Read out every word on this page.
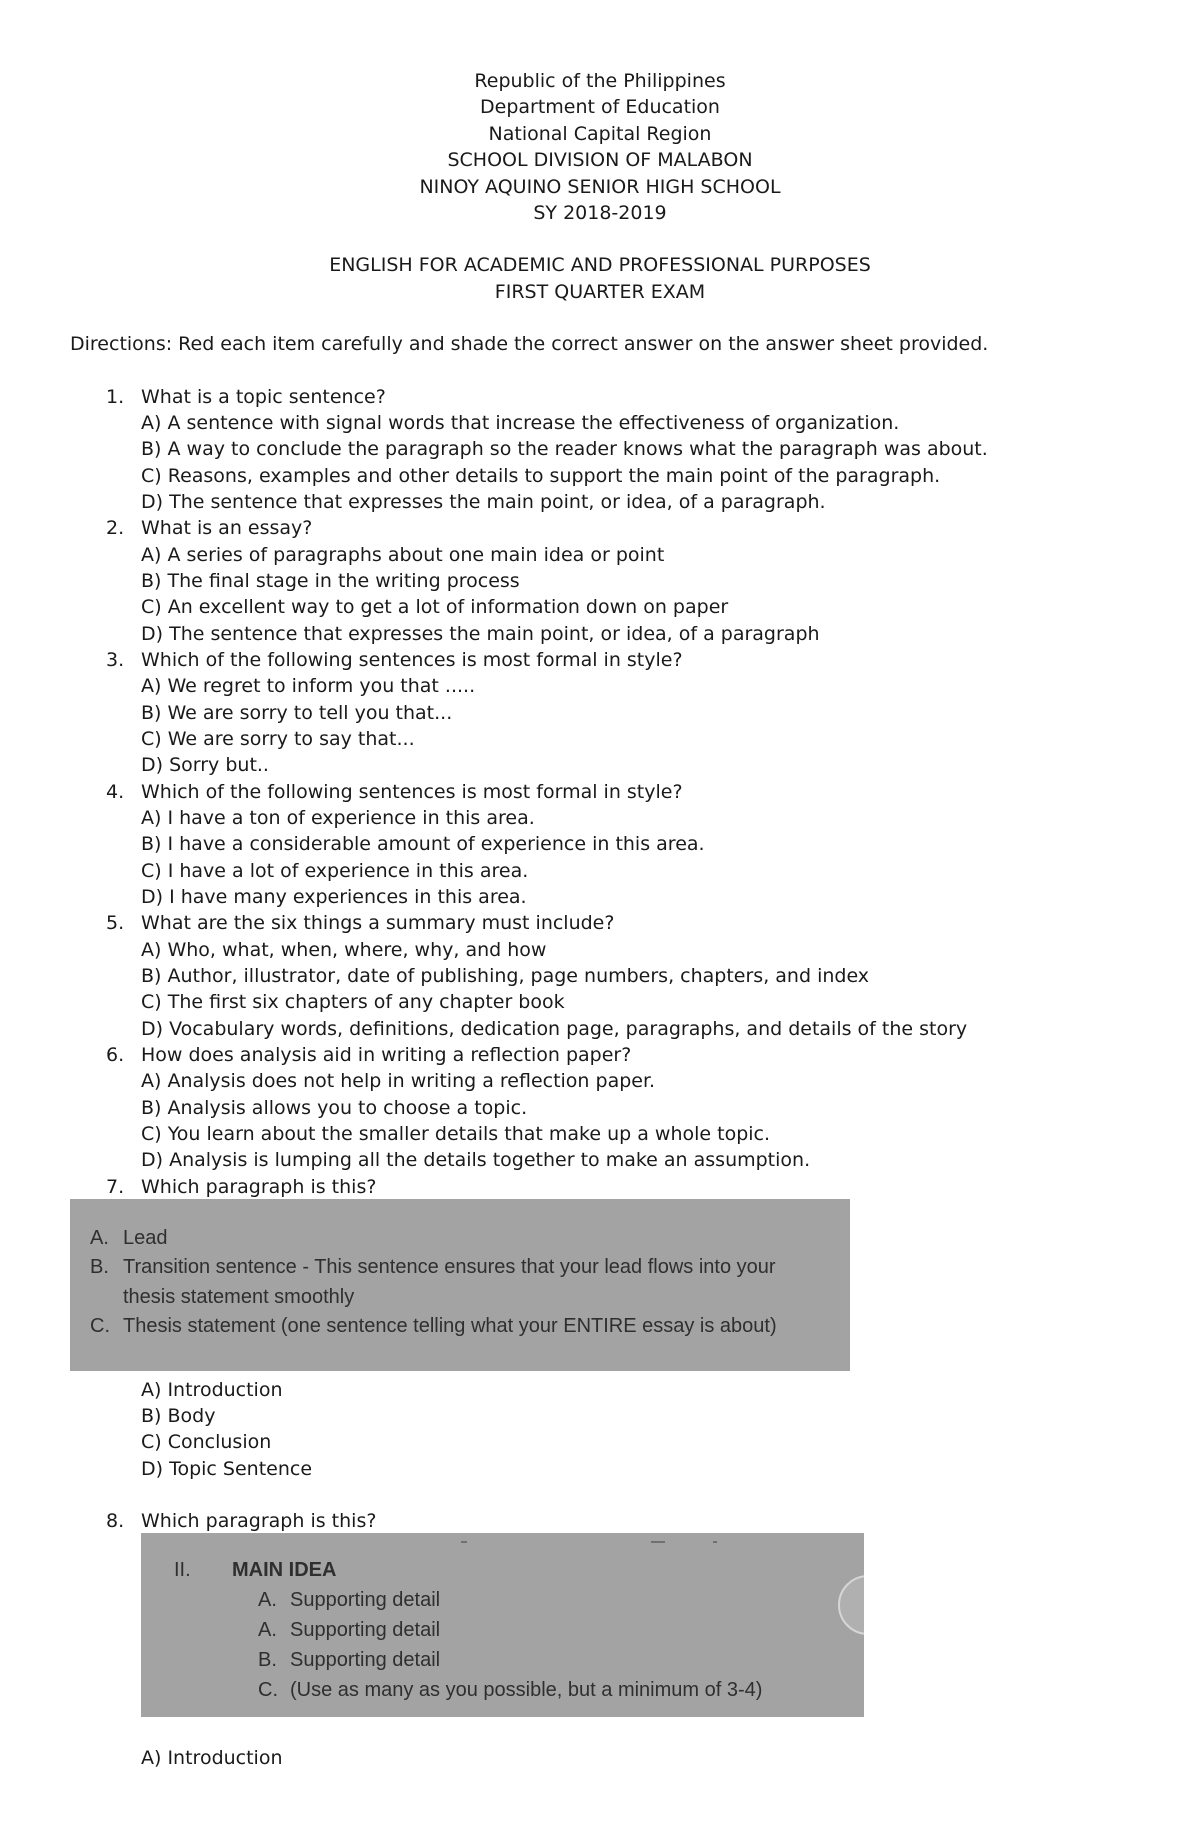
Republic of the Philippines
Department of Education
National Capital Region
SCHOOL DIVISION OF MALABON
NINOY AQUINO SENIOR HIGH SCHOOL
SY 2018-2019
ENGLISH FOR ACADEMIC AND PROFESSIONAL PURPOSES
FIRST QUARTER EXAM
Directions: Red each item carefully and shade the correct answer on the answer sheet provided.
1. What is a topic sentence?
A) A sentence with signal words that increase the effectiveness of organization.
B) A way to conclude the paragraph so the reader knows what the paragraph was about.
C) Reasons, examples and other details to support the main point of the paragraph.
D) The sentence that expresses the main point, or idea, of a paragraph.
2. What is an essay?
A) A series of paragraphs about one main idea or point
B) The final stage in the writing process
C) An excellent way to get a lot of information down on paper
D) The sentence that expresses the main point, or idea, of a paragraph
3. Which of the following sentences is most formal in style?
A) We regret to inform you that .....
B) We are sorry to tell you that...
C) We are sorry to say that...
D) Sorry but..
4. Which of the following sentences is most formal in style?
A) I have a ton of experience in this area.
B) I have a considerable amount of experience in this area.
C) I have a lot of experience in this area.
D) I have many experiences in this area.
5. What are the six things a summary must include?
A) Who, what, when, where, why, and how
B) Author, illustrator, date of publishing, page numbers, chapters, and index
C) The first six chapters of any chapter book
D) Vocabulary words, definitions, dedication page, paragraphs, and details of the story
6. How does analysis aid in writing a reflection paper?
A) Analysis does not help in writing a reflection paper.
B) Analysis allows you to choose a topic.
C) You learn about the smaller details that make up a whole topic.
D) Analysis is lumping all the details together to make an assumption.
7. Which paragraph is this?
A. Lead
B. Transition sentence - This sentence ensures that your lead flows into your
thesis statement smoothly
C. Thesis statement (one sentence telling what your ENTIRE essay is about)
A) Introduction
B) Body
C) Conclusion
D) Topic Sentence
8. Which paragraph is this?
II. MAIN IDEA
A. Supporting detail
A. Supporting detail
B. Supporting detail
C. (Use as many as you possible, but a minimum of 3-4)
A) Introduction
